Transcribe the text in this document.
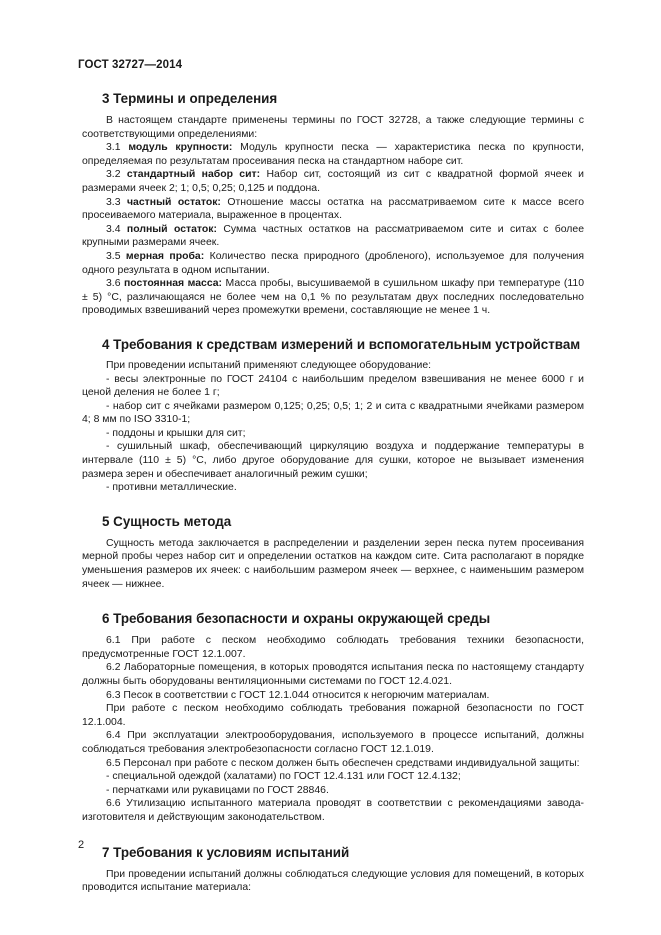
ГОСТ 32727—2014
3 Термины и определения

В настоящем стандарте применены термины по ГОСТ 32728, а также следующие термины с соответствующими определениями:

3.1 модуль крупности: Модуль крупности песка — характеристика песка по крупности, определяемая по результатам просеивания песка на стандартном наборе сит.

3.2 стандартный набор сит: Набор сит, состоящий из сит с квадратной формой ячеек и размерами ячеек 2; 1; 0,5; 0,25; 0,125 и поддона.

3.3 частный остаток: Отношение массы остатка на рассматриваемом сите к массе всего просеиваемого материала, выраженное в процентах.

3.4 полный остаток: Сумма частных остатков на рассматриваемом сите и ситах с более крупными размерами ячеек.

3.5 мерная проба: Количество песка природного (дробленого), используемое для получения одного результата в одном испытании.

3.6 постоянная масса: Масса пробы, высушиваемой в сушильном шкафу при температуре (110 ± 5) °С, различающаяся не более чем на 0,1 % по результатам двух последних последовательно проводимых взвешиваний через промежутки времени, составляющие не менее 1 ч.

4 Требования к средствам измерений и вспомогательным устройствам

При проведении испытаний применяют следующее оборудование:

- весы электронные по ГОСТ 24104 с наибольшим пределом взвешивания не менее 6000 г и ценой деления не более 1 г;

- набор сит с ячейками размером 0,125; 0,25; 0,5; 1; 2 и сита с квадратными ячейками размером 4; 8 мм по ISO 3310-1;

- поддоны и крышки для сит;

- сушильный шкаф, обеспечивающий циркуляцию воздуха и поддержание температуры в интервале (110 ± 5) °С, либо другое оборудование для сушки, которое не вызывает изменения размера зерен и обеспечивает аналогичный режим сушки;

- противни металлические.

5 Сущность метода

Сущность метода заключается в распределении и разделении зерен песка путем просеивания мерной пробы через набор сит и определении остатков на каждом сите. Сита располагают в порядке уменьшения размеров их ячеек: с наибольшим размером ячеек — верхнее, с наименьшим размером ячеек — нижнее.

6 Требования безопасности и охраны окружающей среды

6.1 При работе с песком необходимо соблюдать требования техники безопасности, предусмотренные ГОСТ 12.1.007.

6.2 Лабораторные помещения, в которых проводятся испытания песка по настоящему стандарту должны быть оборудованы вентиляционными системами по ГОСТ 12.4.021.

6.3 Песок в соответствии с ГОСТ 12.1.044 относится к негорючим материалам.

При работе с песком необходимо соблюдать требования пожарной безопасности по ГОСТ 12.1.004.

6.4 При эксплуатации электрооборудования, используемого в процессе испытаний, должны соблюдаться требования электробезопасности согласно ГОСТ 12.1.019.

6.5 Персонал при работе с песком должен быть обеспечен средствами индивидуальной защиты:

- специальной одеждой (халатами) по ГОСТ 12.4.131 или ГОСТ 12.4.132;

- перчатками или рукавицами по ГОСТ 28846.

6.6 Утилизацию испытанного материала проводят в соответствии с рекомендациями завода-изготовителя и действующим законодательством.

7 Требования к условиям испытаний

При проведении испытаний должны соблюдаться следующие условия для помещений, в которых проводится испытание материала:

2
